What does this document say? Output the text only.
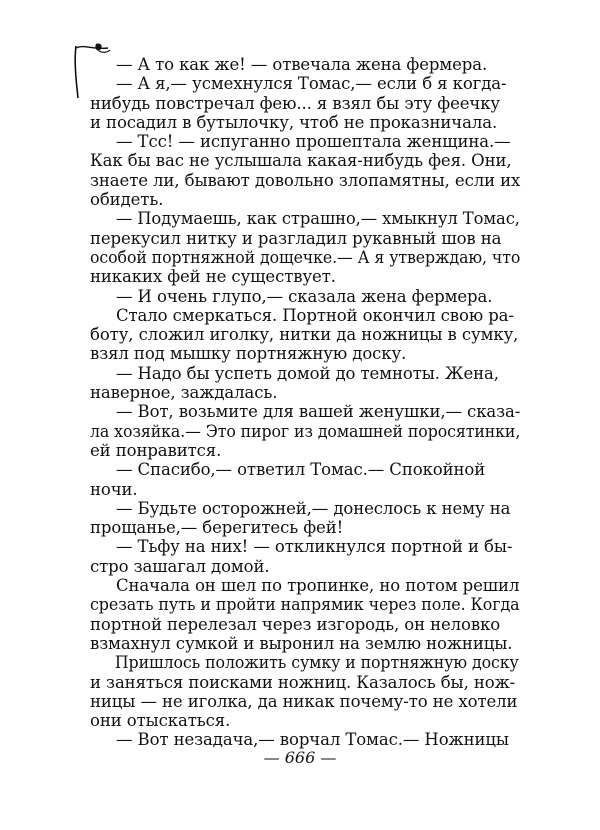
— А то как же! — отвечала жена фермера.
— А я,— усмехнулся Томас,— если б я когда-
нибудь повстречал фею... я взял бы эту феечку
и посадил в бутылочку, чтоб не проказничала.
— Тсс! — испуганно прошептала женщина.—
Как бы вас не услышала какая-нибудь фея. Они,
знаете ли, бывают довольно злопамятны, если их
обидеть.
— Подумаешь, как страшно,— хмыкнул Томас,
перекусил нитку и разгладил рукавный шов на
особой портняжной дощечке.— А я утверждаю, что
никаких фей не существует.
— И очень глупо,— сказала жена фермера.
Стало смеркаться. Портной окончил свою ра-
боту, сложил иголку, нитки да ножницы в сумку,
взял под мышку портняжную доску.
— Надо бы успеть домой до темноты. Жена,
наверное, заждалась.
— Вот, возьмите для вашей женушки,— сказа-
ла хозяйка.— Это пирог из домашней поросятинки,
ей понравится.
— Спасибо,— ответил Томас.— Спокойной
ночи.
— Будьте осторожней,— донеслось к нему на
прощанье,— берегитесь фей!
— Тьфу на них! — откликнулся портной и бы-
стро зашагал домой.
Сначала он шел по тропинке, но потом решил
срезать путь и пройти напрямик через поле. Когда
портной перелезал через изгородь, он неловко
взмахнул сумкой и выронил на землю ножницы.
Пришлось положить сумку и портняжную доску
и заняться поисками ножниц. Казалось бы, нож-
ницы — не иголка, да никак почему-то не хотели
они отыскаться.
— Вот незадача,— ворчал Томас.— Ножницы
— 666 —
